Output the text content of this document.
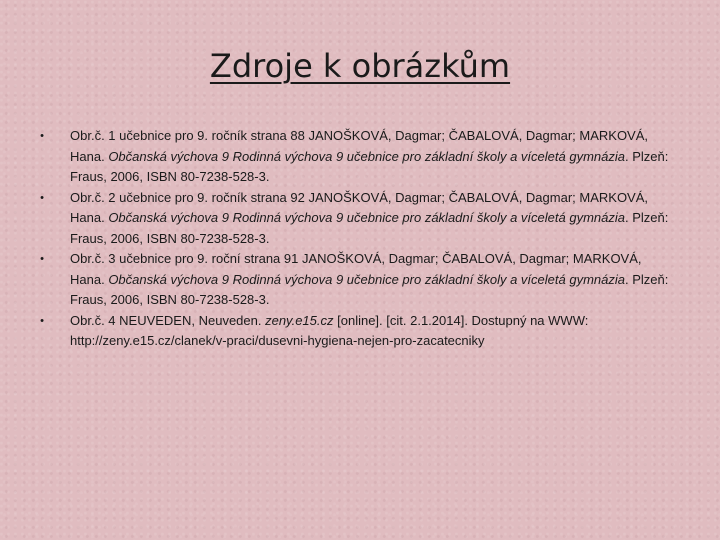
Zdroje k obrázkům
•	Obr.č. 1 učebnice pro 9. ročník strana 88 JANOŠKOVÁ, Dagmar; ČABALOVÁ, Dagmar; MARKOVÁ, Hana. Občanská výchova 9 Rodinná výchova 9 učebnice pro základní školy a víceletá gymnázia. Plzeň: Fraus, 2006, ISBN 80-7238-528-3.
•	Obr.č. 2 učebnice pro 9. ročník strana 92 JANOŠKOVÁ, Dagmar; ČABALOVÁ, Dagmar; MARKOVÁ, Hana. Občanská výchova 9 Rodinná výchova 9 učebnice pro základní školy a víceletá gymnázia. Plzeň: Fraus, 2006, ISBN 80-7238-528-3.
•	Obr.č. 3 učebnice pro 9. roční strana 91 JANOŠKOVÁ, Dagmar; ČABALOVÁ, Dagmar; MARKOVÁ, Hana. Občanská výchova 9 Rodinná výchova 9 učebnice pro základní školy a víceletá gymnázia. Plzeň: Fraus, 2006, ISBN 80-7238-528-3.
•	Obr.č. 4 NEUVEDEN, Neuveden. zeny.e15.cz [online]. [cit. 2.1.2014]. Dostupný na WWW: http://zeny.e15.cz/clanek/v-praci/dusevni-hygiena-nejen-pro-zacatecniky
